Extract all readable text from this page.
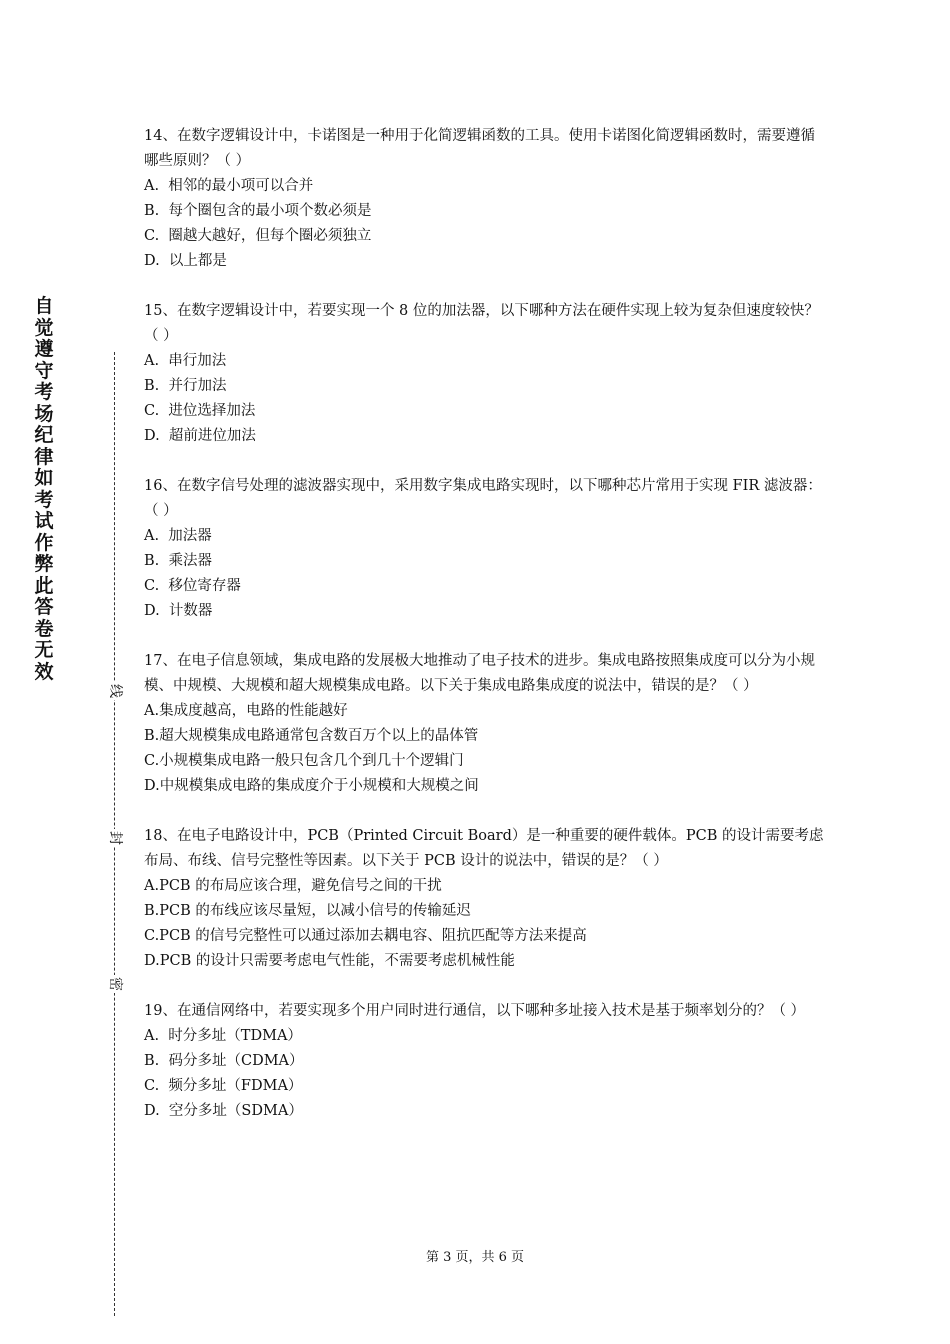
自觉遵守考场纪律如考试作弊此答卷无效
线
封
密

14、在数字逻辑设计中，卡诺图是一种用于化简逻辑函数的工具。使用卡诺图化简逻辑函数时，需要遵循哪些原则？（ ）

A.  相邻的最小项可以合并

B.  每个圈包含的最小项个数必须是

C.  圈越大越好，但每个圈必须独立

D.  以上都是

15、在数字逻辑设计中，若要实现一个 8 位的加法器，以下哪种方法在硬件实现上较为复杂但速度较快？（ ）

A.  串行加法

B.  并行加法

C.  进位选择加法

D.  超前进位加法

16、在数字信号处理的滤波器实现中，采用数字集成电路实现时，以下哪种芯片常用于实现 FIR 滤波器：（ ）

A.  加法器

B.  乘法器

C.  移位寄存器

D.  计数器

17、在电子信息领域，集成电路的发展极大地推动了电子技术的进步。集成电路按照集成度可以分为小规模、中规模、大规模和超大规模集成电路。以下关于集成电路集成度的说法中，错误的是？（ ）

A.集成度越高，电路的性能越好

B.超大规模集成电路通常包含数百万个以上的晶体管

C.小规模集成电路一般只包含几个到几十个逻辑门

D.中规模集成电路的集成度介于小规模和大规模之间

18、在电子电路设计中，PCB（Printed Circuit Board）是一种重要的硬件载体。PCB 的设计需要考虑布局、布线、信号完整性等因素。以下关于 PCB 设计的说法中，错误的是？（ ）

A.PCB 的布局应该合理，避免信号之间的干扰

B.PCB 的布线应该尽量短，以减小信号的传输延迟

C.PCB 的信号完整性可以通过添加去耦电容、阻抗匹配等方法来提高

D.PCB 的设计只需要考虑电气性能，不需要考虑机械性能

19、在通信网络中，若要实现多个用户同时进行通信，以下哪种多址接入技术是基于频率划分的？（ ）

A.  时分多址（TDMA）

B.  码分多址（CDMA）

C.  频分多址（FDMA）

D.  空分多址（SDMA）

第 3 页，共 6 页
